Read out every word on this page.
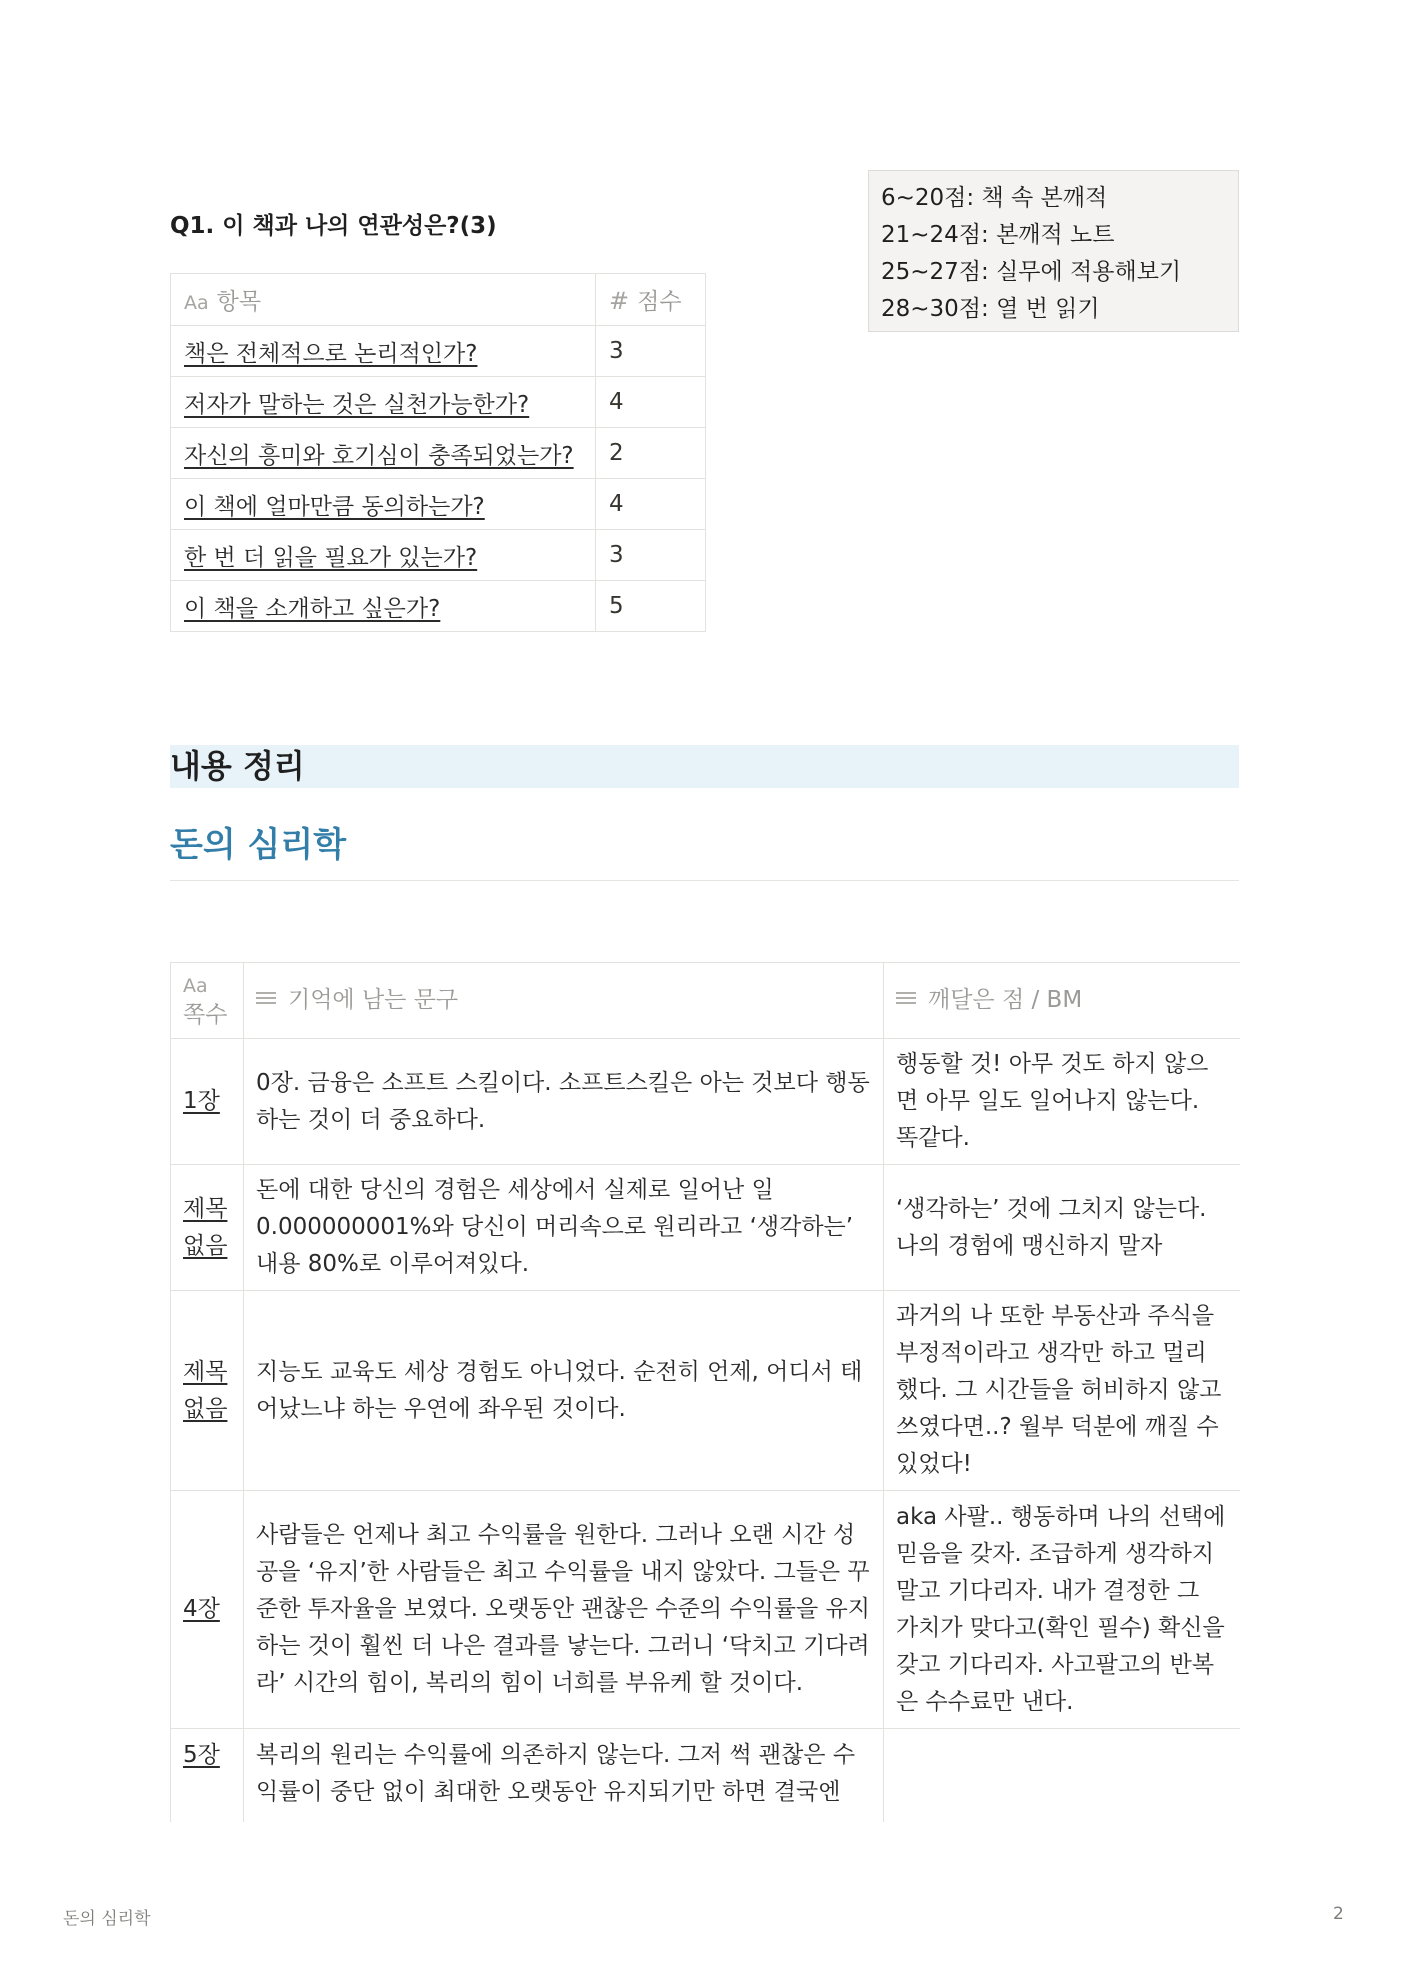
Q1. 이 책과 나의 연관성은?(3)
Aa 항목	# 점수
책은 전체적으로 논리적인가?	3
저자가 말하는 것은 실천가능한가?	4
자신의 흥미와 호기심이 충족되었는가?	2
이 책에 얼마만큼 동의하는가?	4
한 번 더 읽을 필요가 있는가?	3
이 책을 소개하고 싶은가?	5
6~20점: 책 속 본깨적
21~24점: 본깨적 노트
25~27점: 실무에 적용해보기
28~30점: 열 번 읽기
내용 정리
돈의 심리학
Aa
쪽수	기억에 남는 문구	깨달은 점 / BM
1장	0장. 금융은 소프트 스킬이다. 소프트스킬은 아는 것보다 행동하는 것이 더 중요하다.	행동할 것! 아무 것도 하지 않으면 아무 일도 일어나지 않는다. 똑같다.
제목 없음	돈에 대한 당신의 경험은 세상에서 실제로 일어난 일 0.000000001%와 당신이 머리속으로 원리라고 ‘생각하는’ 내용 80%로 이루어져있다.	‘생각하는’ 것에 그치지 않는다. 나의 경험에 맹신하지 말자
제목 없음	지능도 교육도 세상 경험도 아니었다. 순전히 언제, 어디서 태어났느냐 하는 우연에 좌우된 것이다.	과거의 나 또한 부동산과 주식을 부정적이라고 생각만 하고 멀리 했다. 그 시간들을 허비하지 않고 쓰였다면..? 월부 덕분에 깨질 수 있었다!
4장	사람들은 언제나 최고 수익률을 원한다. 그러나 오랜 시간 성공을 ‘유지’한 사람들은 최고 수익률을 내지 않았다. 그들은 꾸준한 투자율을 보였다. 오랫동안 괜찮은 수준의 수익률을 유지하는 것이 훨씬 더 나은 결과를 낳는다. 그러니 ‘닥치고 기다려라’ 시간의 힘이, 복리의 힘이 너희를 부유케 할 것이다.	aka 사팔.. 행동하며 나의 선택에 믿음을 갖자. 조급하게 생각하지 말고 기다리자. 내가 결정한 그 가치가 맞다고(확인 필수) 확신을 갖고 기다리자. 사고팔고의 반복은 수수료만 낸다.
5장	복리의 원리는 수익률에 의존하지 않는다. 그저 썩 괜찮은 수익률이 중단 없이 최대한 오랫동안 유지되기만 하면 결국엔	
돈의 심리학	2
